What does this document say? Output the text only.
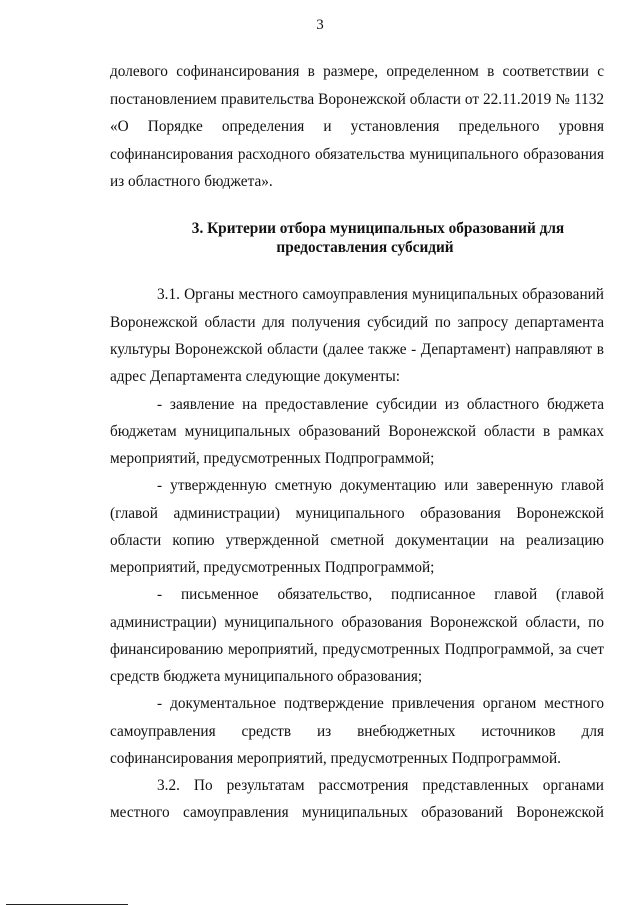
3
долевого софинансирования в размере, определенном в соответствии с
постановлением правительства Воронежской области от 22.11.2019 № 1132
«О Порядке определения и установления предельного уровня
софинансирования расходного обязательства муниципального образования
из областного бюджета».
3. Критерии отбора муниципальных образований для
предоставления субсидий
3.1. Органы местного самоуправления муниципальных образований
Воронежской области для получения субсидий по запросу департамента
культуры Воронежской области (далее также - Департамент) направляют в
адрес Департамента следующие документы:
- заявление на предоставление субсидии из областного бюджета
бюджетам муниципальных образований Воронежской области в рамках
мероприятий, предусмотренных Подпрограммой;
- утвержденную сметную документацию или заверенную главой
(главой администрации) муниципального образования Воронежской
области копию утвержденной сметной документации на реализацию
мероприятий, предусмотренных Подпрограммой;
- письменное обязательство, подписанное главой (главой
администрации) муниципального образования Воронежской области, по
финансированию мероприятий, предусмотренных Подпрограммой, за счет
средств бюджета муниципального образования;
- документальное подтверждение привлечения органом местного
самоуправления средств из внебюджетных источников для
софинансирования мероприятий, предусмотренных Подпрограммой.
3.2. По результатам рассмотрения представленных органами
местного самоуправления муниципальных образований Воронежской
